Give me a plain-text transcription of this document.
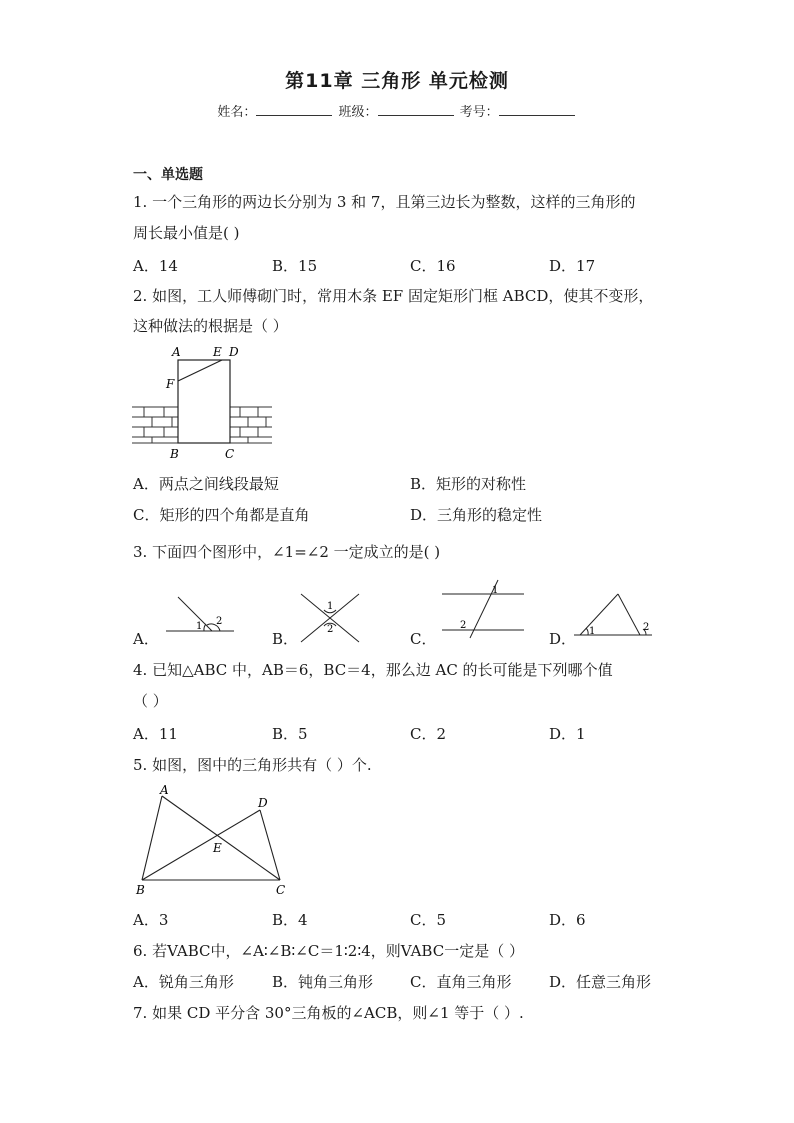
第11章 三角形 单元检测
姓名：	班级：	考号：
一、单选题
1. 一个三角形的两边长分别为 3 和 7，且第三边长为整数，这样的三角形的
周长最小值是( )
A．14	B．15	C．16	D．17
2. 如图，工人师傅砌门时，常用木条 EF 固定矩形门框 ABCD，使其不变形，
这种做法的根据是（ ）
A	E D
F
B	C
A．两点之间线段最短	B．矩形的对称性
C．矩形的四个角都是直角	D．三角形的稳定性
3. 下面四个图形中，∠1=∠2 一定成立的是( )
A．
1 2
B．
1
2
C．
1
2
D． 1	2
4. 已知△ABC 中，AB＝6，BC＝4，那么边 AC 的长可能是下列哪个值
（ ）
A．11	B．5	C．2	D．1
5. 如图，图中的三角形共有（ ）个.
A
D
E
B	C
A．3	B．4	C．5	D．6
6. 若VABC中，∠A∶∠B∶∠C＝1∶2∶4，则VABC一定是（ ）
A．锐角三角形	B．钝角三角形 C．直角三角形	D．任意三角形
7. 如果 CD 平分含 30°三角板的∠ACB，则∠1 等于（ ）.
